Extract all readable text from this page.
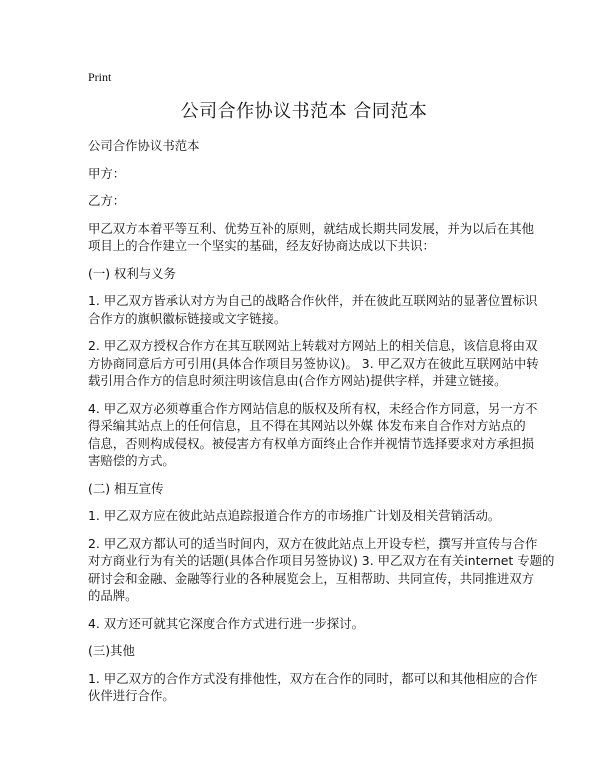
Print
公司合作协议书范本 合同范本
公司合作协议书范本
甲方：
乙方：
甲乙双方本着平等互利、优势互补的原则，就结成长期共同发展，并为以后在其他
项目上的合作建立一个坚实的基础，经友好协商达成以下共识：
(一) 权利与义务
1. 甲乙双方皆承认对方为自己的战略合作伙伴，并在彼此互联网站的显著位置标识
合作方的旗帜徽标链接或文字链接。
2. 甲乙双方授权合作方在其互联网站上转载对方网站上的相关信息，该信息将由双
方协商同意后方可引用(具体合作项目另签协议)。 3. 甲乙双方在彼此互联网站中转
载引用合作方的信息时须注明该信息由(合作方网站)提供字样，并建立链接。
4. 甲乙双方必须尊重合作方网站信息的版权及所有权，未经合作方同意，另一方不
得采编其站点上的任何信息，且不得在其网站以外媒 体发布来自合作对方站点的
信息，否则构成侵权。被侵害方有权单方面终止合作并视情节选择要求对方承担损
害赔偿的方式。
(二) 相互宣传
1. 甲乙双方应在彼此站点追踪报道合作方的市场推广计划及相关营销活动。
2. 甲乙双方都认可的适当时间内，双方在彼此站点上开设专栏，撰写并宣传与合作
对方商业行为有关的话题(具体合作项目另签协议) 3. 甲乙双方在有关internet 专题的
研讨会和金融、金融等行业的各种展览会上，互相帮助、共同宣传，共同推进双方
的品牌。
4. 双方还可就其它深度合作方式进行进一步探讨。
(三)其他
1. 甲乙双方的合作方式没有排他性，双方在合作的同时，都可以和其他相应的合作
伙伴进行合作。
